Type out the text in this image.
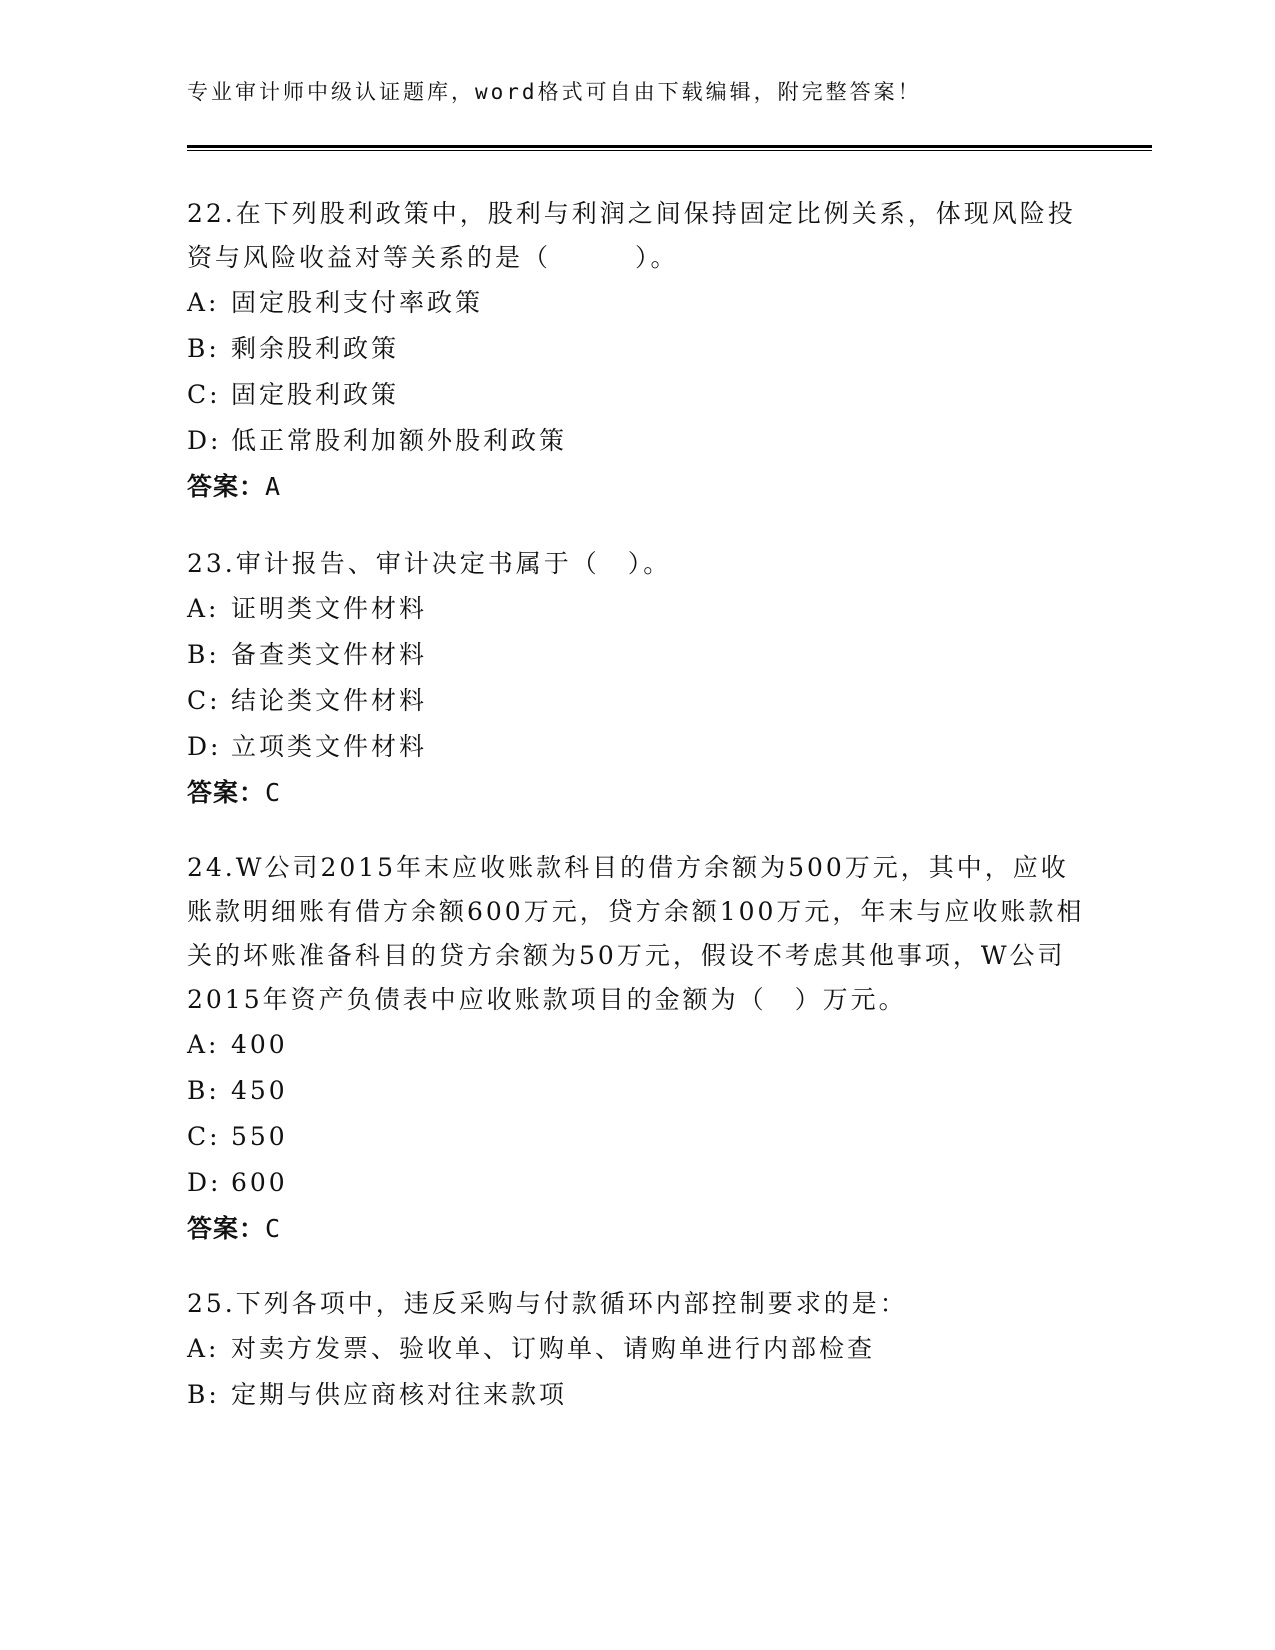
专业审计师中级认证题库，word格式可自由下载编辑，附完整答案！

22.在下列股利政策中，股利与利润之间保持固定比例关系，体现风险投资与风险收益对等关系的是（　　　）。

A: 固定股利支付率政策

B: 剩余股利政策

C: 固定股利政策

D: 低正常股利加额外股利政策

答案：A

23.审计报告、审计决定书属于（　）。

A: 证明类文件材料

B: 备查类文件材料

C: 结论类文件材料

D: 立项类文件材料

答案：C

24.W公司2015年末应收账款科目的借方余额为500万元，其中，应收账款明细账有借方余额600万元，贷方余额100万元，年末与应收账款相关的坏账准备科目的贷方余额为50万元，假设不考虑其他事项，W公司2015年资产负债表中应收账款项目的金额为（　）万元。

A: 400

B: 450

C: 550

D: 600

答案：C

25.下列各项中，违反采购与付款循环内部控制要求的是：

A: 对卖方发票、验收单、订购单、请购单进行内部检查

B: 定期与供应商核对往来款项
